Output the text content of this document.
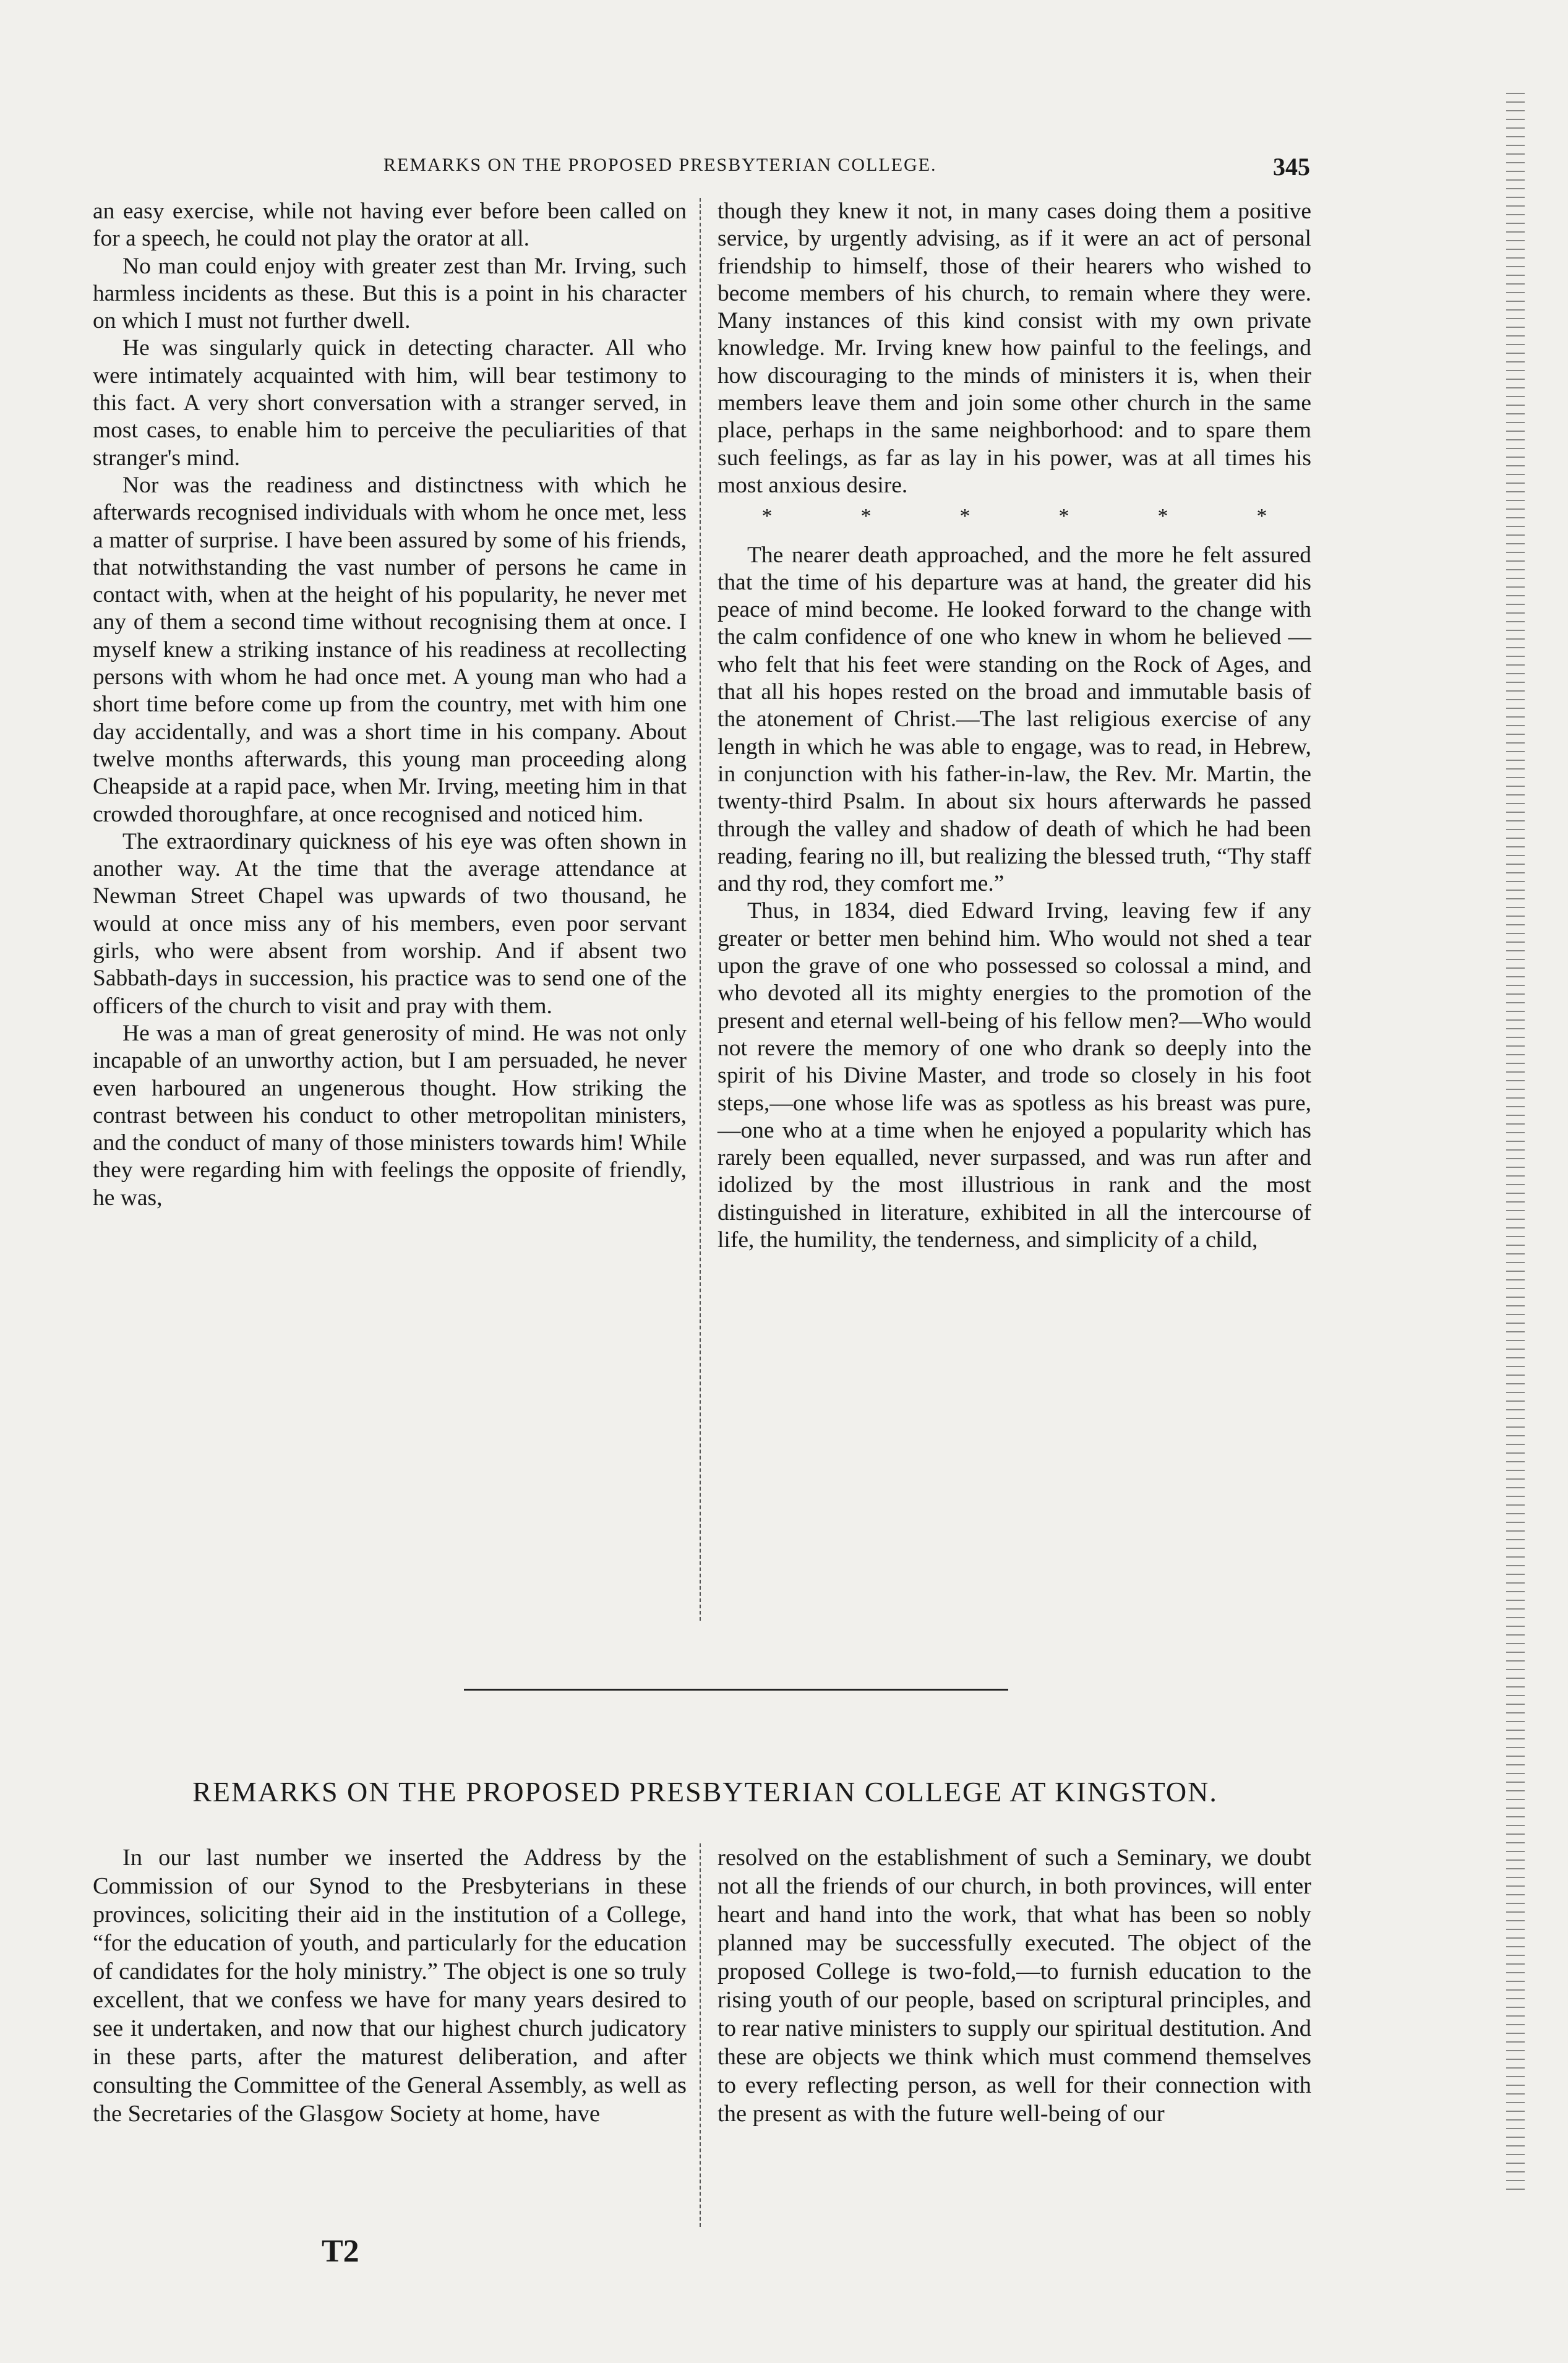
REMARKS ON THE PROPOSED PRESBYTERIAN COLLEGE.	345

an easy exercise, while not having ever before been called on for a speech, he could not play the orator at all.

No man could enjoy with greater zest than Mr. Irving, such harmless incidents as these. But this is a point in his character on which I must not further dwell.

He was singularly quick in detecting character. All who were intimately acquainted with him, will bear testimony to this fact. A very short conversation with a stranger served, in most cases, to enable him to perceive the peculiarities of that stranger's mind.

Nor was the readiness and distinctness with which he afterwards recognised individuals with whom he once met, less a matter of surprise. I have been assured by some of his friends, that notwithstanding the vast number of persons he came in contact with, when at the height of his popularity, he never met any of them a second time without recognising them at once. I myself knew a striking instance of his readiness at recollecting persons with whom he had once met. A young man who had a short time before come up from the country, met with him one day accidentally, and was a short time in his company. About twelve months afterwards, this young man proceeding along Cheapside at a rapid pace, when Mr. Irving, meeting him in that crowded thoroughfare, at once recognised and noticed him.

The extraordinary quickness of his eye was often shown in another way. At the time that the average attendance at Newman Street Chapel was upwards of two thousand, he would at once miss any of his members, even poor servant girls, who were absent from worship. And if absent two Sabbath-days in succession, his practice was to send one of the officers of the church to visit and pray with them.

He was a man of great generosity of mind. He was not only incapable of an unworthy action, but I am persuaded, he never even harboured an ungenerous thought. How striking the contrast between his conduct to other metropolitan ministers, and the conduct of many of those ministers towards him! While they were regarding him with feelings the opposite of friendly, he was,

though they knew it not, in many cases doing them a positive service, by urgently advising, as if it were an act of personal friendship to himself, those of their hearers who wished to become members of his church, to remain where they were. Many instances of this kind consist with my own private knowledge. Mr. Irving knew how painful to the feelings, and how discouraging to the minds of ministers it is, when their members leave them and join some other church in the same place, perhaps in the same neighborhood: and to spare them such feelings, as far as lay in his power, was at all times his most anxious desire.

*	*	*	*	*	*

The nearer death approached, and the more he felt assured that the time of his departure was at hand, the greater did his peace of mind become. He looked forward to the change with the calm confidence of one who knew in whom he believed —who felt that his feet were standing on the Rock of Ages, and that all his hopes rested on the broad and immutable basis of the atonement of Christ.—The last religious exercise of any length in which he was able to engage, was to read, in Hebrew, in conjunction with his father-in-law, the Rev. Mr. Martin, the twenty-third Psalm. In about six hours afterwards he passed through the valley and shadow of death of which he had been reading, fearing no ill, but realizing the blessed truth, “Thy staff and thy rod, they comfort me.”

Thus, in 1834, died Edward Irving, leaving few if any greater or better men behind him. Who would not shed a tear upon the grave of one who possessed so colossal a mind, and who devoted all its mighty energies to the promotion of the present and eternal well-being of his fellow men?—Who would not revere the memory of one who drank so deeply into the spirit of his Divine Master, and trode so closely in his foot steps,—one whose life was as spotless as his breast was pure,—one who at a time when he enjoyed a popularity which has rarely been equalled, never surpassed, and was run after and idolized by the most illustrious in rank and the most distinguished in literature, exhibited in all the intercourse of life, the humility, the tenderness, and simplicity of a child,

REMARKS ON THE PROPOSED PRESBYTERIAN COLLEGE AT KINGSTON.

In our last number we inserted the Address by the Commission of our Synod to the Presbyterians in these provinces, soliciting their aid in the institution of a College, “for the education of youth, and particularly for the education of candidates for the holy ministry.” The object is one so truly excellent, that we confess we have for many years desired to see it undertaken, and now that our highest church judicatory in these parts, after the maturest deliberation, and after consulting the Committee of the General Assembly, as well as the Secretaries of the Glasgow Society at home, have

resolved on the establishment of such a Seminary, we doubt not all the friends of our church, in both provinces, will enter heart and hand into the work, that what has been so nobly planned may be successfully executed. The object of the proposed College is two-fold,—to furnish education to the rising youth of our people, based on scriptural principles, and to rear native ministers to supply our spiritual destitution. And these are objects we think which must commend themselves to every reflecting person, as well for their connection with the present as with the future well-being of our

T2
